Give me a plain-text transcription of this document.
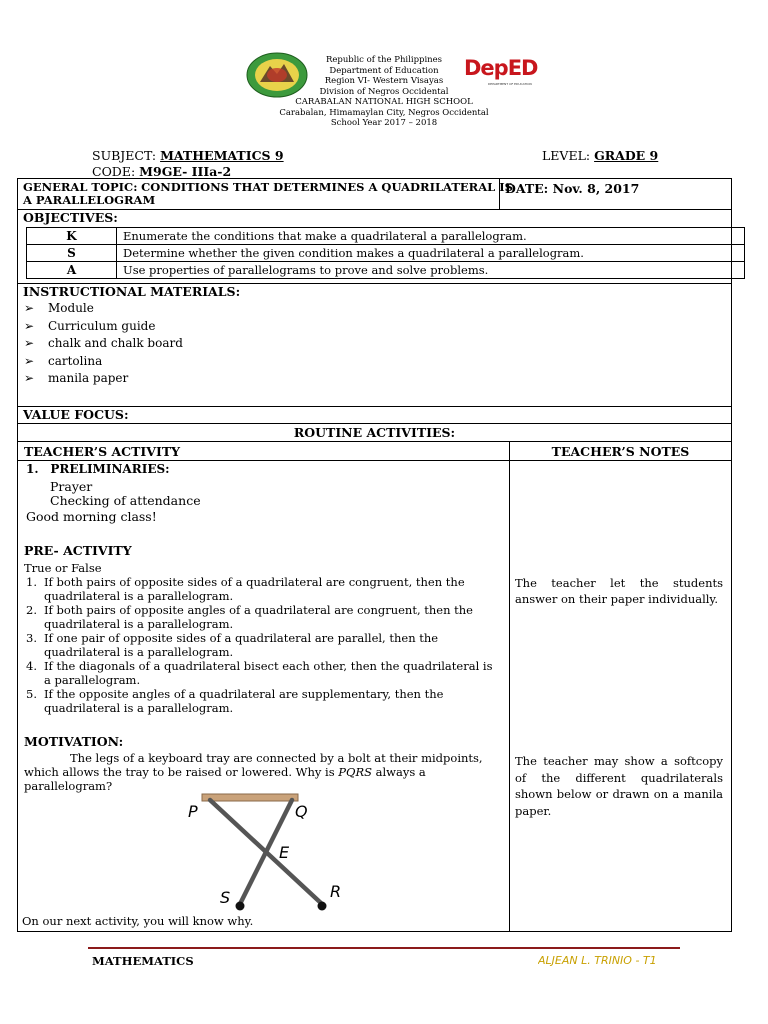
DepED
DEPARTMENT OF EDUCATION
Republic of the Philippines
Department of Education
Region VI- Western Visayas
Division of Negros Occidental
CARABALAN NATIONAL HIGH SCHOOL
Carabalan, Himamaylan City, Negros Occidental
School Year 2017 – 2018
SUBJECT: MATHEMATICS 9	LEVEL: GRADE 9
CODE: M9GE- IIIa-2
GENERAL TOPIC: CONDITIONS THAT DETERMINES A QUADRILATERAL IS
A PARALLELOGRAM
DATE: Nov. 8, 2017
OBJECTIVES:
K	Enumerate the conditions that make a quadrilateral a parallelogram.
S	Determine whether the given condition makes a quadrilateral a parallelogram.
A	Use properties of parallelograms to prove and solve problems.
INSTRUCTIONAL MATERIALS:
➢ Module
➢ Curriculum guide
➢ chalk and chalk board
➢ cartolina
➢ manila paper
VALUE FOCUS:
ROUTINE ACTIVITIES:
TEACHER’S ACTIVITY	TEACHER’S NOTES
1. PRELIMINARIES:
Prayer
Checking of attendance
Good morning class!
PRE- ACTIVITY
True or False
1. If both pairs of opposite sides of a quadrilateral are congruent, then the
quadrilateral is a parallelogram.
2. If both pairs of opposite angles of a quadrilateral are congruent, then the
quadrilateral is a parallelogram.
3. If one pair of opposite sides of a quadrilateral are parallel, then the
quadrilateral is a parallelogram.
4. If the diagonals of a quadrilateral bisect each other, then the quadrilateral is
a parallelogram.
5. If the opposite angles of a quadrilateral are supplementary, then the
quadrilateral is a parallelogram.
The teacher let the students answer on their paper individually.
MOTIVATION:
The legs of a keyboard tray are connected by a bolt at their midpoints,
which allows the tray to be raised or lowered. Why is PQRS always a
parallelogram?
The teacher may show a softcopy of the different quadrilaterals shown below or drawn on a manila paper.
P	Q
E
S	R
On our next activity, you will know why.
MATHEMATICS	ALJEAN L. TRINIO - T1
